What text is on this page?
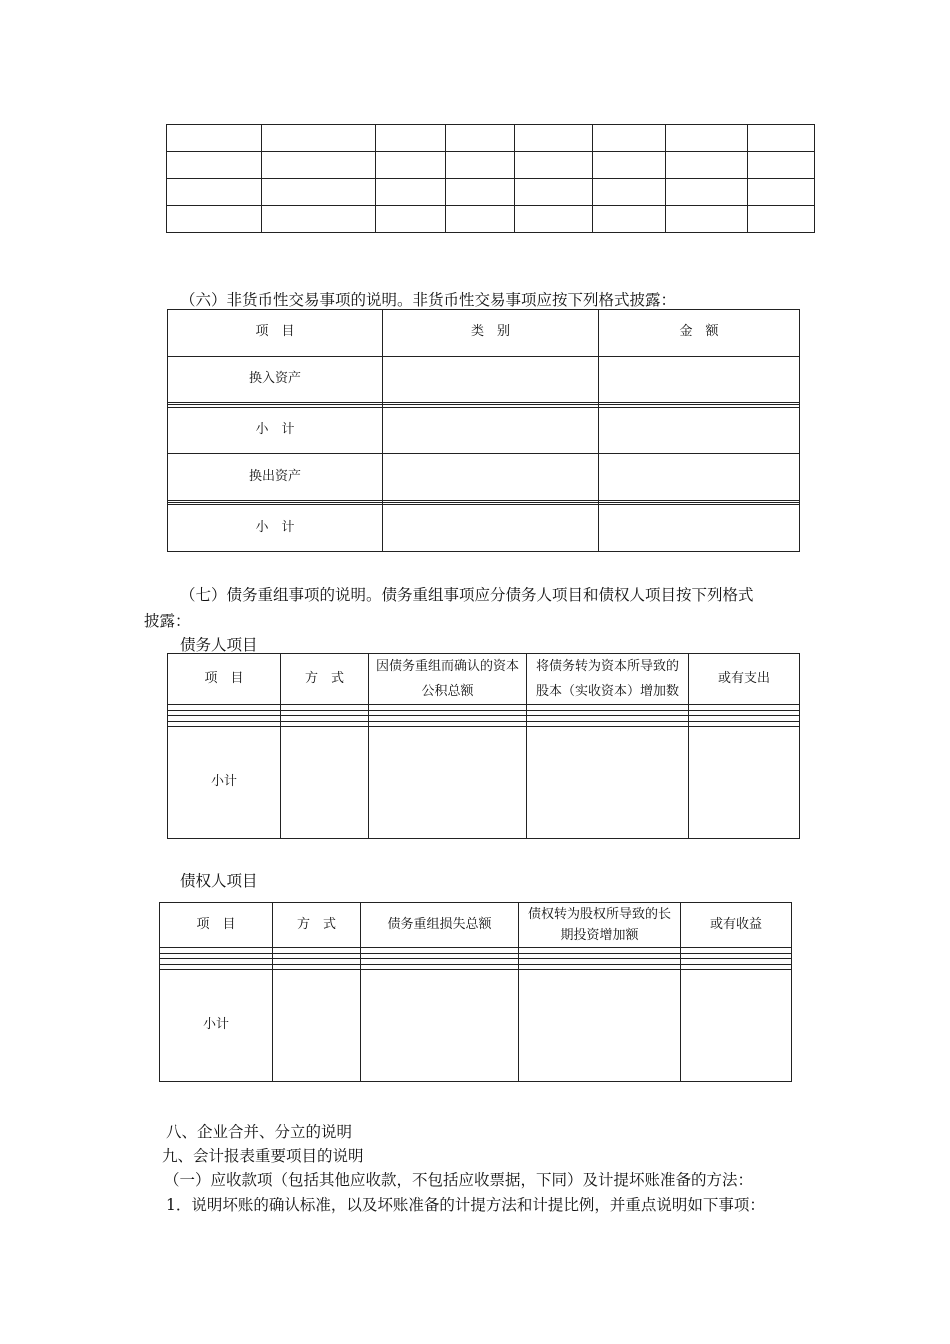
（六）非货币性交易事项的说明。非货币性交易事项应按下列格式披露：

项　目	类　别	金　额
换入资产		

小　计		
换出资产		

小　计		

（七）债务重组事项的说明。债务重组事项应分债务人项目和债权人项目按下列格式

披露：

债务人项目

项　目	方　式	因债务重组而确认的资本公积总额	将债务转为资本所导致的股本（实收资本）增加数	或有支出

小计				

债权人项目

项　目	方　式	债务重组损失总额	债权转为股权所导致的长期投资增加额	或有收益

小计				

八、企业合并、分立的说明

九、会计报表重要项目的说明

（一）应收款项（包括其他应收款，不包括应收票据，下同）及计提坏账准备的方法：

1．说明坏账的确认标准，以及坏账准备的计提方法和计提比例，并重点说明如下事项：
